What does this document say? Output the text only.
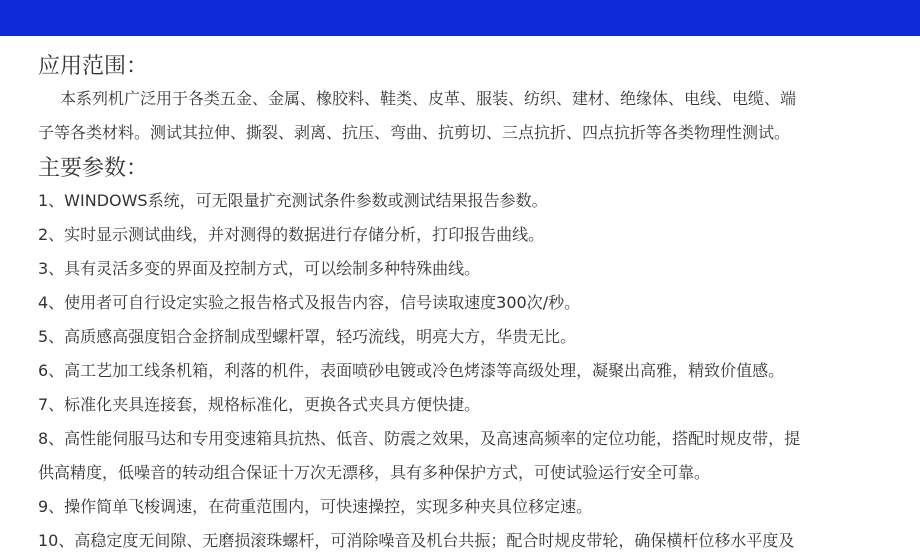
应用范围：
本系列机广泛用于各类五金、金属、橡胶料、鞋类、皮革、服装、纺织、建材、绝缘体、电线、电缆、端
子等各类材料。测试其拉伸、撕裂、剥离、抗压、弯曲、抗剪切、三点抗折、四点抗折等各类物理性测试。
主要参数：
1、WINDOWS系统，可无限量扩充测试条件参数或测试结果报告参数。
2、实时显示测试曲线，并对测得的数据进行存储分析，打印报告曲线。
3、具有灵活多变的界面及控制方式，可以绘制多种特殊曲线。
4、使用者可自行设定实验之报告格式及报告内容，信号读取速度300次/秒。
5、高质感高强度铝合金挤制成型螺杆罩，轻巧流线，明亮大方，华贵无比。
6、高工艺加工线条机箱，利落的机件，表面喷砂电镀或冷色烤漆等高级处理，凝聚出高雅，精致价值感。
7、标准化夹具连接套，规格标准化，更换各式夹具方便快捷。
8、高性能伺服马达和专用变速箱具抗热、低音、防震之效果，及高速高频率的定位功能，搭配时规皮带，提
供高精度，低噪音的转动组合保证十万次无漂移，具有多种保护方式，可使试验运行安全可靠。
9、操作简单飞梭调速，在荷重范围内，可快速操控，实现多种夹具位移定速。
10、高稳定度无间隙、无磨损滚珠螺杆，可消除噪音及机台共振；配合时规皮带轮，确保横杆位移水平度及
